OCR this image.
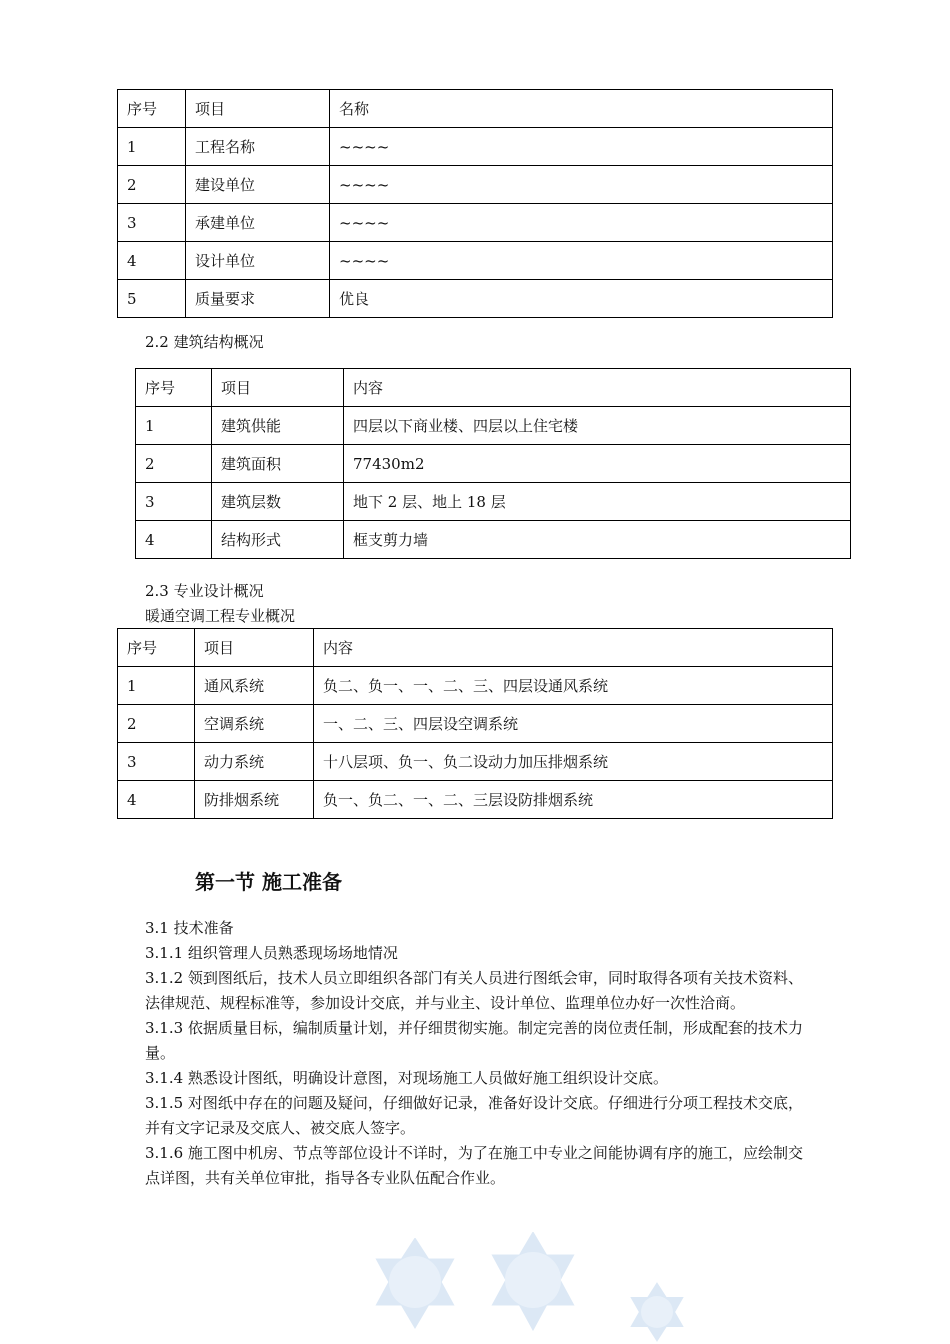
序号	项目	名称
1	工程名称	~~~~
2	建设单位	~~~~
3	承建单位	~~~~
4	设计单位	~~~~
5	质量要求	优良
2.2 建筑结构概况
序号	项目	内容
1	建筑供能	四层以下商业楼、四层以上住宅楼
2	建筑面积	77430m2
3	建筑层数	地下 2 层、地上 18 层
4	结构形式	框支剪力墙
2.3 专业设计概况
暖通空调工程专业概况
序号	项目	内容
1	通风系统	负二、负一、一、二、三、四层设通风系统
2	空调系统	一、二、三、四层设空调系统
3	动力系统	十八层项、负一、负二设动力加压排烟系统
4	防排烟系统	负一、负二、一、二、三层设防排烟系统
第一节 施工准备

3.1 技术准备

3.1.1 组织管理人员熟悉现场场地情况

3.1.2 领到图纸后，技术人员立即组织各部门有关人员进行图纸会审，同时取得各项有关技术资料、法律规范、规程标准等，参加设计交底，并与业主、设计单位、监理单位办好一次性洽商。

3.1.3 依据质量目标，编制质量计划，并仔细贯彻实施。制定完善的岗位责任制，形成配套的技术力量。

3.1.4 熟悉设计图纸，明确设计意图，对现场施工人员做好施工组织设计交底。

3.1.5 对图纸中存在的问题及疑问，仔细做好记录，准备好设计交底。仔细进行分项工程技术交底，并有文字记录及交底人、被交底人签字。

3.1.6 施工图中机房、节点等部位设计不详时，为了在施工中专业之间能协调有序的施工，应绘制交点详图，共有关单位审批，指导各专业队伍配合作业。
